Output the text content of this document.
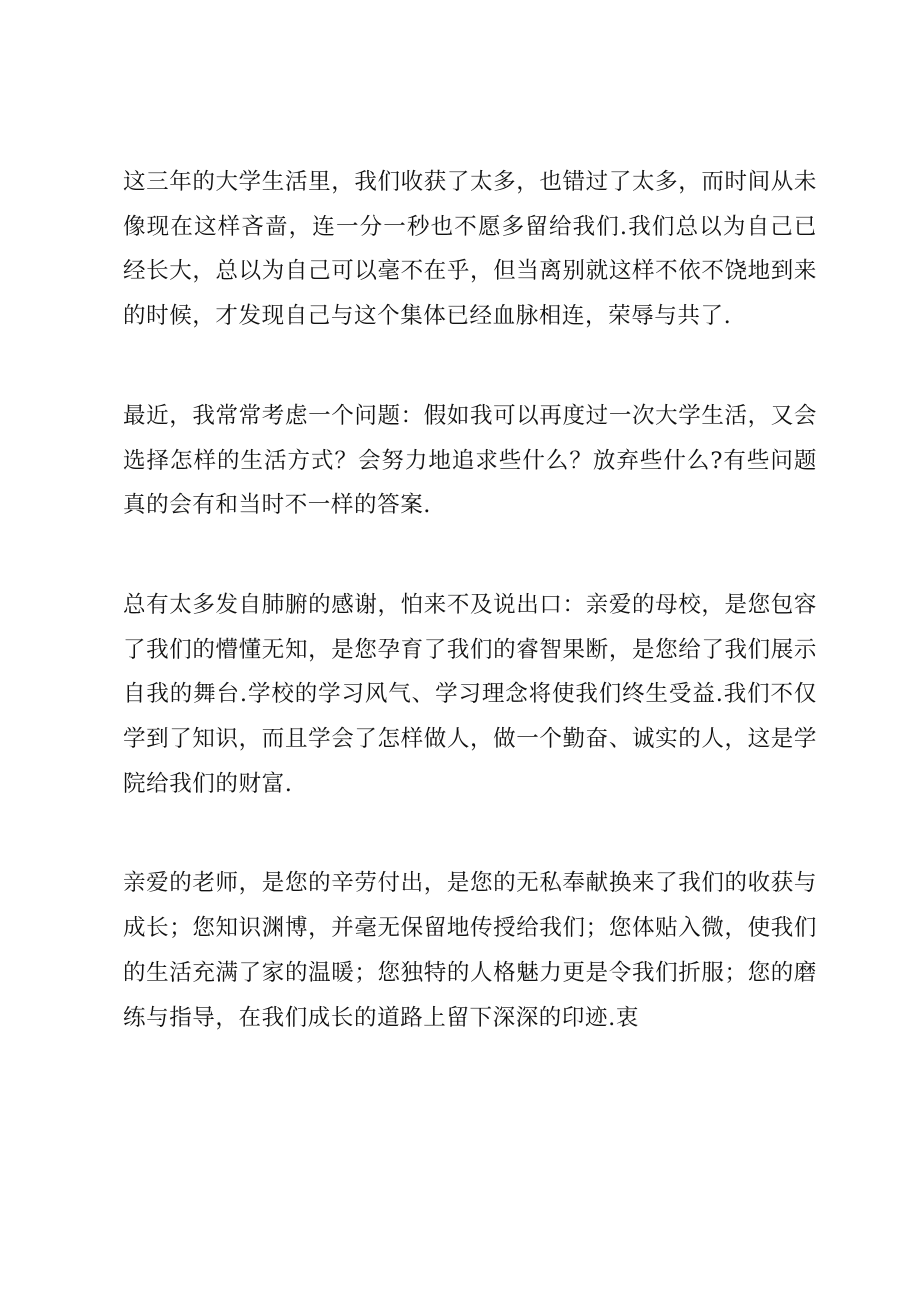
这三年的大学生活里，我们收获了太多，也错过了太多，而时间从未像现在这样吝啬，连一分一秒也不愿多留给我们.我们总以为自己已经长大，总以为自己可以毫不在乎，但当离别就这样不依不饶地到来的时候，才发现自己与这个集体已经血脉相连，荣辱与共了.

最近，我常常考虑一个问题：假如我可以再度过一次大学生活，又会选择怎样的生活方式？会努力地追求些什么？放弃些什么?有些问题真的会有和当时不一样的答案.

总有太多发自肺腑的感谢，怕来不及说出口：亲爱的母校，是您包容了我们的懵懂无知，是您孕育了我们的睿智果断，是您给了我们展示自我的舞台.学校的学习风气、学习理念将使我们终生受益.我们不仅学到了知识，而且学会了怎样做人，做一个勤奋、诚实的人，这是学院给我们的财富.

亲爱的老师，是您的辛劳付出，是您的无私奉献换来了我们的收获与成长；您知识渊博，并毫无保留地传授给我们；您体贴入微，使我们的生活充满了家的温暖；您独特的人格魅力更是令我们折服；您的磨练与指导，在我们成长的道路上留下深深的印迹.衷
